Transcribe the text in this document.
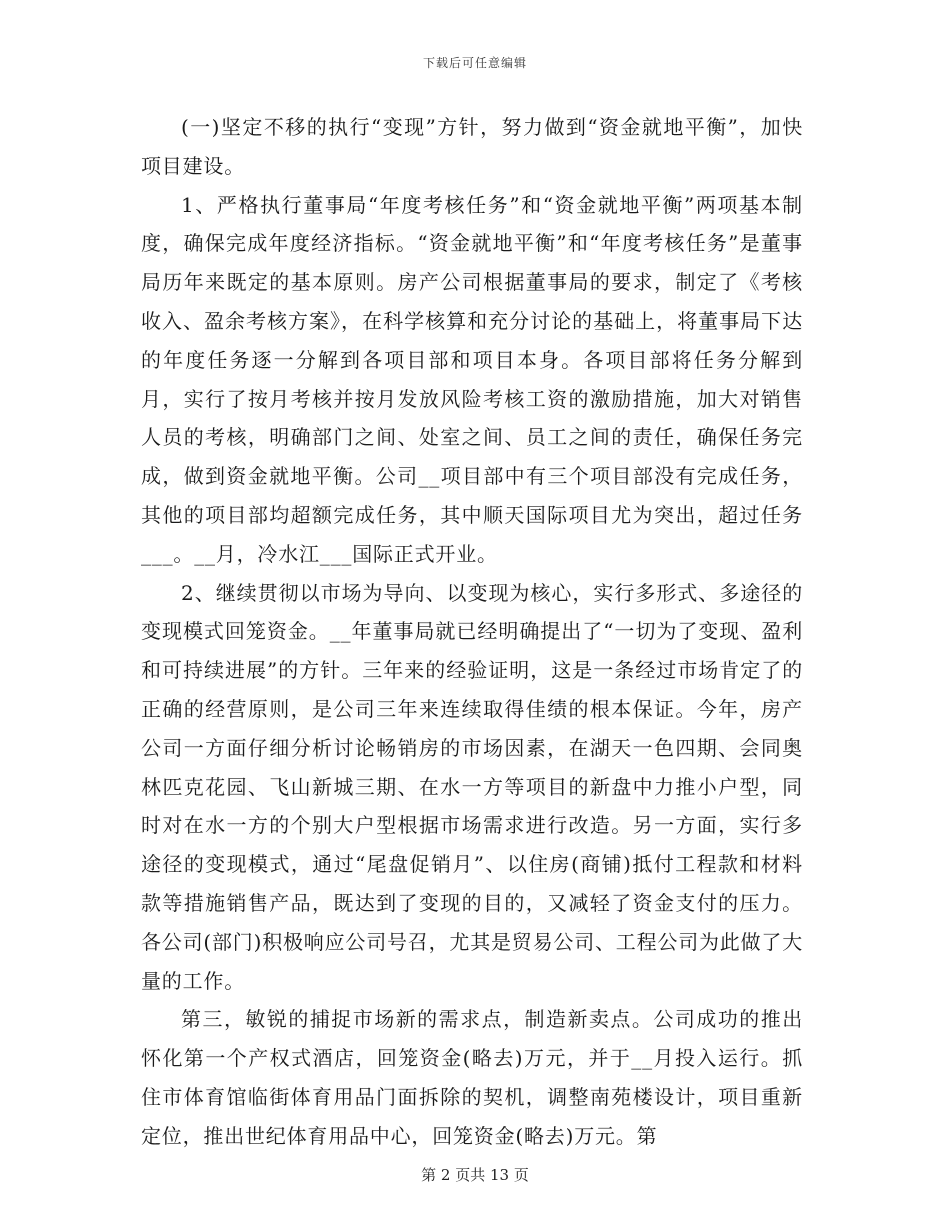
下载后可任意编辑

(一)坚定不移的执行“变现”方针，努力做到“资金就地平衡”，加快项目建设。

1、严格执行董事局“年度考核任务”和“资金就地平衡”两项基本制度，确保完成年度经济指标。“资金就地平衡”和“年度考核任务”是董事局历年来既定的基本原则。房产公司根据董事局的要求，制定了《考核收入、盈余考核方案》，在科学核算和充分讨论的基础上，将董事局下达的年度任务逐一分解到各项目部和项目本身。各项目部将任务分解到月，实行了按月考核并按月发放风险考核工资的激励措施，加大对销售人员的考核，明确部门之间、处室之间、员工之间的责任，确保任务完成，做到资金就地平衡。公司__项目部中有三个项目部没有完成任务，其他的项目部均超额完成任务，其中顺天国际项目尤为突出，超过任务___。__月，冷水江___国际正式开业。

2、继续贯彻以市场为导向、以变现为核心，实行多形式、多途径的变现模式回笼资金。__年董事局就已经明确提出了“一切为了变现、盈利和可持续进展”的方针。三年来的经验证明，这是一条经过市场肯定了的正确的经营原则，是公司三年来连续取得佳绩的根本保证。今年，房产公司一方面仔细分析讨论畅销房的市场因素，在湖天一色四期、会同奥林匹克花园、飞山新城三期、在水一方等项目的新盘中力推小户型，同时对在水一方的个别大户型根据市场需求进行改造。另一方面，实行多途径的变现模式，通过“尾盘促销月”、以住房(商铺)抵付工程款和材料款等措施销售产品，既达到了变现的目的，又减轻了资金支付的压力。各公司(部门)积极响应公司号召，尤其是贸易公司、工程公司为此做了大量的工作。

第三，敏锐的捕捉市场新的需求点，制造新卖点。公司成功的推出怀化第一个产权式酒店，回笼资金(略去)万元，并于__月投入运行。抓住市体育馆临街体育用品门面拆除的契机，调整南苑楼设计，项目重新定位，推出世纪体育用品中心，回笼资金(略去)万元。第

第 2 页共 13 页
